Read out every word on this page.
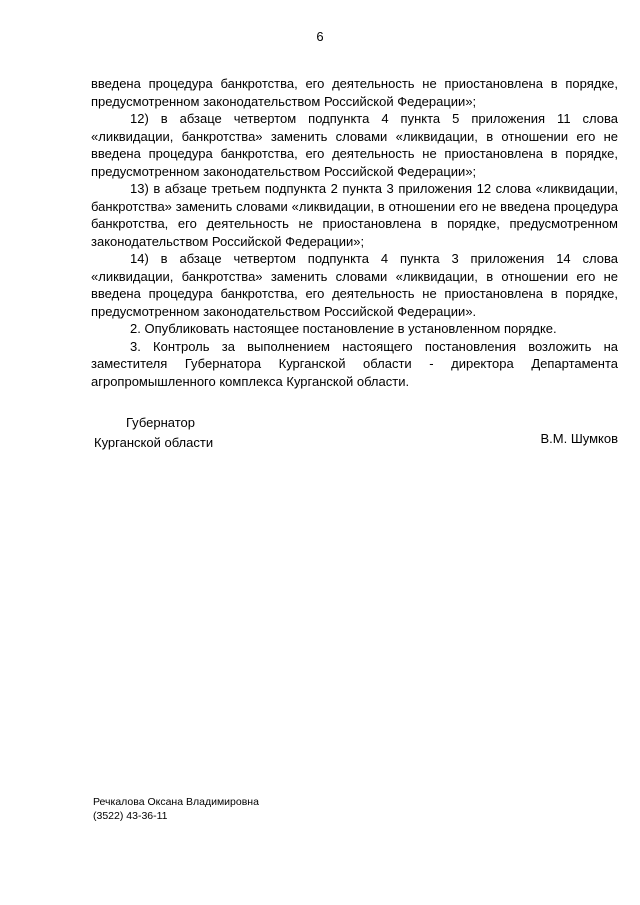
6

введена процедура банкротства, его деятельность не приостановлена в порядке, предусмотренном законодательством Российской Федерации»;

12) в абзаце четвертом подпункта 4 пункта 5 приложения 11 слова «ликвидации, банкротства» заменить словами «ликвидации, в отношении его не введена процедура банкротства, его деятельность не приостановлена в порядке, предусмотренном законодательством Российской Федерации»;

13) в абзаце третьем подпункта 2 пункта 3 приложения 12 слова «ликвидации, банкротства» заменить словами «ликвидации, в отношении его не введена процедура банкротства, его деятельность не приостановлена в порядке, предусмотренном законодательством Российской Федерации»;

14) в абзаце четвертом подпункта 4 пункта 3 приложения 14 слова «ликвидации, банкротства» заменить словами «ликвидации, в отношении его не введена процедура банкротства, его деятельность не приостановлена в порядке, предусмотренном законодательством Российской Федерации».

2. Опубликовать настоящее постановление в установленном порядке.

3. Контроль за выполнением настоящего постановления возложить на заместителя Губернатора Курганской области - директора Департамента агропромышленного комплекса Курганской области.

Губернатор
Курганской области	В.М. Шумков
Речкалова Оксана Владимировна
(3522) 43-36-11
